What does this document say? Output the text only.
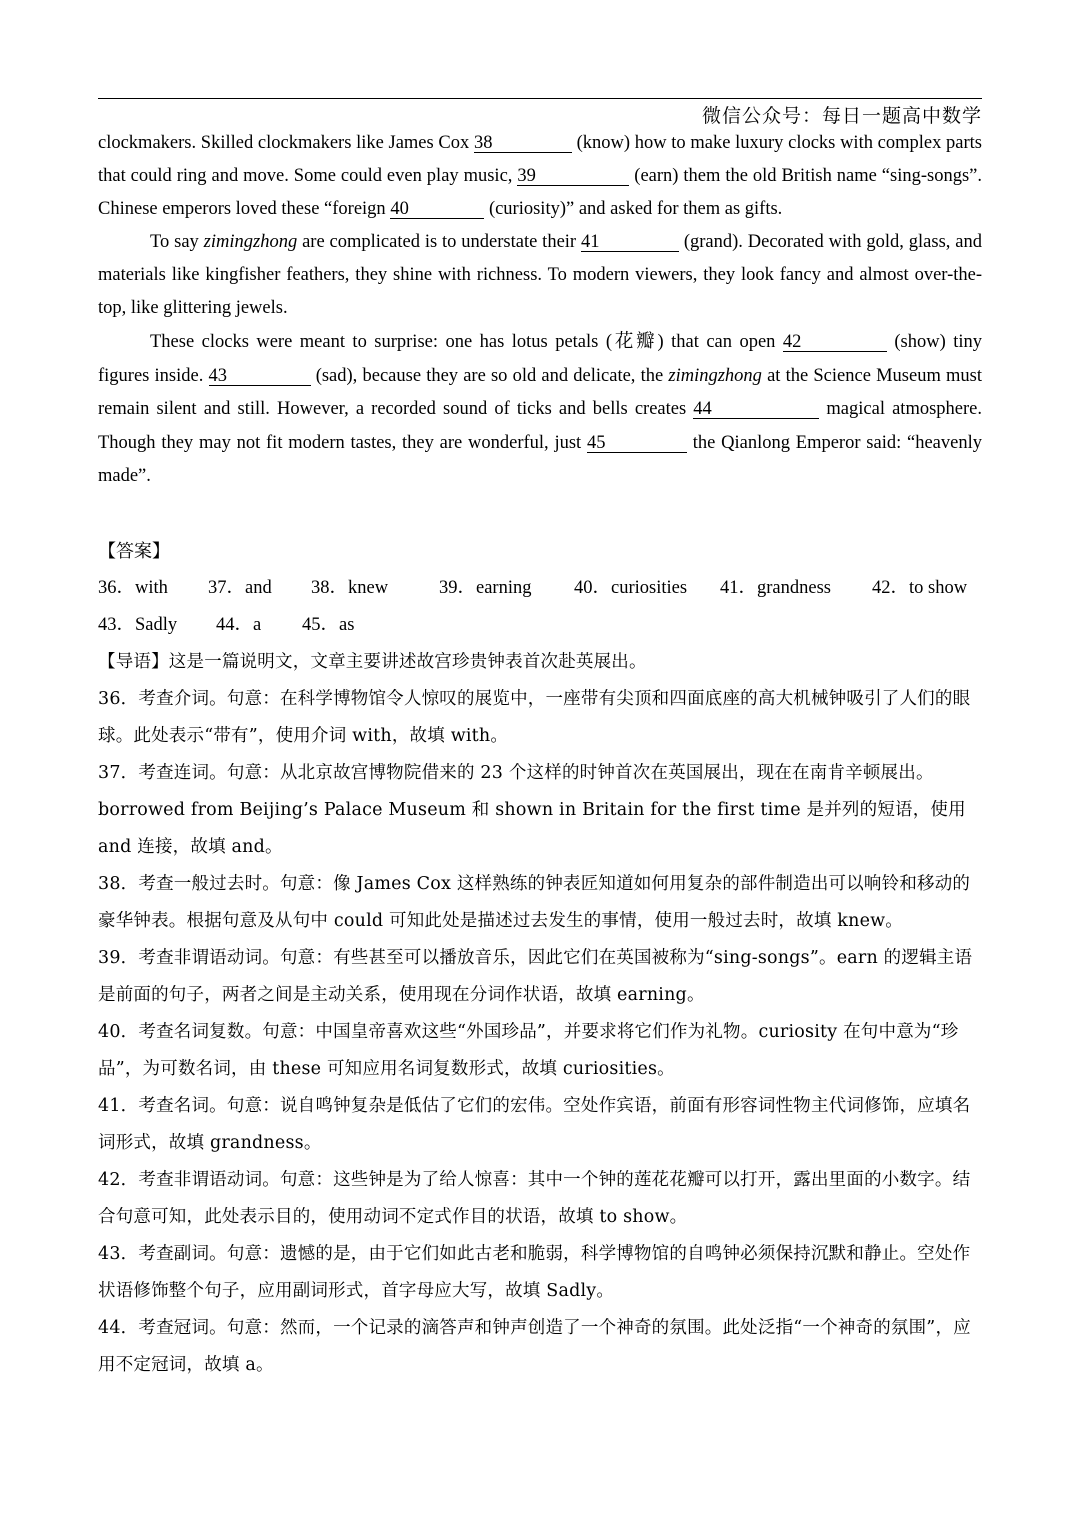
微信公众号：每日一题高中数学

clockmakers. Skilled clockmakers like James Cox 38	(know) how to make luxury clocks with complex parts that could ring and move. Some could even play music, 39	(earn) them the old British name “sing-songs”. Chinese emperors loved these “foreign 40	(curiosity)” and asked for them as gifts.

To say zimingzhong are complicated is to understate their 41	(grand). Decorated with gold, glass, and materials like kingfisher feathers, they shine with richness. To modern viewers, they look fancy and almost over-the-top, like glittering jewels.

These clocks were meant to surprise: one has lotus petals (花瓣) that can open 42	(show) tiny figures inside. 43	(sad), because they are so old and delicate, the zimingzhong at the Science Museum must remain silent and still. However, a recorded sound of ticks and bells creates 44	magical atmosphere. Though they may not fit modern tastes, they are wonderful, just 45	the Qianlong Emperor said: “heavenly made”.

【答案】
36．with	37．and	38．knew	39．earning	40．curiosities	41．grandness	42．to show
43．Sadly	44．a	45．as

【导语】这是一篇说明文，文章主要讲述故宫珍贵钟表首次赴英展出。

36．考查介词。句意：在科学博物馆令人惊叹的展览中，一座带有尖顶和四面底座的高大机械钟吸引了人们的眼球。此处表示“带有”，使用介词 with，故填 with。

37．考查连词。句意：从北京故宫博物院借来的 23 个这样的时钟首次在英国展出，现在在南肯辛顿展出。borrowed from Beijing’s Palace Museum 和 shown in Britain for the first time 是并列的短语，使用 and 连接，故填 and。

38．考查一般过去时。句意：像 James Cox 这样熟练的钟表匠知道如何用复杂的部件制造出可以响铃和移动的豪华钟表。根据句意及从句中 could 可知此处是描述过去发生的事情，使用一般过去时，故填 knew。

39．考查非谓语动词。句意：有些甚至可以播放音乐，因此它们在英国被称为“sing-songs”。earn 的逻辑主语是前面的句子，两者之间是主动关系，使用现在分词作状语，故填 earning。

40．考查名词复数。句意：中国皇帝喜欢这些“外国珍品”，并要求将它们作为礼物。curiosity 在句中意为“珍品”，为可数名词，由 these 可知应用名词复数形式，故填 curiosities。

41．考查名词。句意：说自鸣钟复杂是低估了它们的宏伟。空处作宾语，前面有形容词性物主代词修饰，应填名词形式，故填 grandness。

42．考查非谓语动词。句意：这些钟是为了给人惊喜：其中一个钟的莲花花瓣可以打开，露出里面的小数字。结合句意可知，此处表示目的，使用动词不定式作目的状语，故填 to show。

43．考查副词。句意：遗憾的是，由于它们如此古老和脆弱，科学博物馆的自鸣钟必须保持沉默和静止。空处作状语修饰整个句子，应用副词形式，首字母应大写，故填 Sadly。

44．考查冠词。句意：然而，一个记录的滴答声和钟声创造了一个神奇的氛围。此处泛指“一个神奇的氛围”，应用不定冠词，故填 a。
